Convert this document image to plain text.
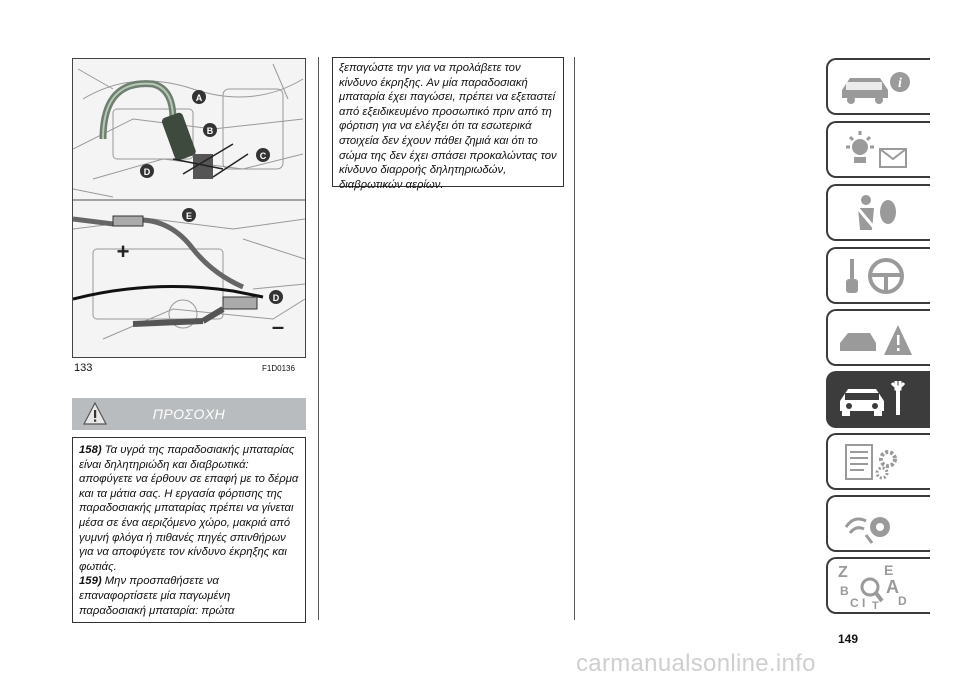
A
B
C
D
+
–
E
D
133	F1D0136
ΠΡΟΣΟΧΗ

158) Τα υγρά της παραδοσιακής μπαταρίας είναι δηλητηριώδη και διαβρωτικά: αποφύγετε να έρθουν σε επαφή με το δέρμα και τα μάτια σας. Η εργασία φόρτισης της παραδοσιακής μπαταρίας πρέπει να γίνεται μέσα σε ένα αεριζόμενο χώρο, μακριά από γυμνή φλόγα ή πιθανές πηγές σπινθήρων για να αποφύγετε τον κίνδυνο έκρηξης και φωτιάς.

159) Μην προσπαθήσετε να επαναφορτίσετε μία παγωμένη παραδοσιακή μπαταρία: πρώτα

ξεπαγώστε την για να προλάβετε τον κίνδυνο έκρηξης. Αν μία παραδοσιακή μπαταρία έχει παγώσει, πρέπει να εξεταστεί από εξειδικευμένο προσωπικό πριν από τη φόρτιση για να ελέγξει ότι τα εσωτερικά στοιχεία δεν έχουν πάθει ζημιά και ότι το σώμα της δεν έχει σπάσει προκαλώντας τον κίνδυνο διαρροής δηλητηριωδών, διαβρωτικών αερίων.

i
Z	E
B A
C	D
I T
149
carmanualsonline.info
